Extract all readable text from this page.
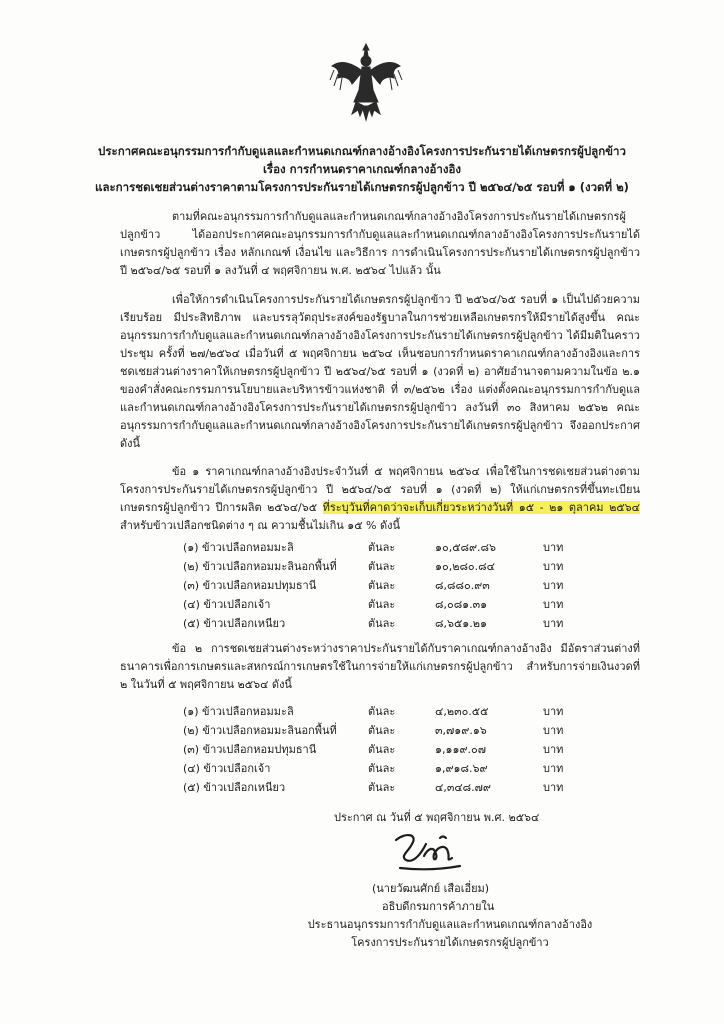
ประกาศคณะอนุกรรมการกำกับดูแลและกำหนดเกณฑ์กลางอ้างอิงโครงการประกันรายได้เกษตรกรผู้ปลูกข้าว
เรื่อง การกำหนดราคาเกณฑ์กลางอ้างอิง
และการชดเชยส่วนต่างราคาตามโครงการประกันรายได้เกษตรกรผู้ปลูกข้าว ปี ๒๕๖๔/๖๕ รอบที่ ๑ (งวดที่ ๒)
ตามที่คณะอนุกรรมการกำกับดูแลและกำหนดเกณฑ์กลางอ้างอิงโครงการประกันรายได้เกษตรกรผู้ปลูกข้าว ได้ออกประกาศคณะอนุกรรมการกำกับดูแลและกำหนดเกณฑ์กลางอ้างอิงโครงการประกันรายได้เกษตรกรผู้ปลูกข้าว เรื่อง หลักเกณฑ์ เงื่อนไข และวิธีการ การดำเนินโครงการประกันรายได้เกษตรกรผู้ปลูกข้าว ปี ๒๕๖๔/๖๕ รอบที่ ๑ ลงวันที่ ๔ พฤศจิกายน พ.ศ. ๒๕๖๔ ไปแล้ว นั้น
เพื่อให้การดำเนินโครงการประกันรายได้เกษตรกรผู้ปลูกข้าว ปี ๒๕๖๔/๖๕ รอบที่ ๑ เป็นไปด้วยความเรียบร้อย มีประสิทธิภาพ และบรรลุวัตถุประสงค์ของรัฐบาลในการช่วยเหลือเกษตรกรให้มีรายได้สูงขึ้น คณะอนุกรรมการกำกับดูแลและกำหนดเกณฑ์กลางอ้างอิงโครงการประกันรายได้เกษตรกรผู้ปลูกข้าว ได้มีมติในคราวประชุม ครั้งที่ ๒๗/๒๕๖๔ เมื่อวันที่ ๕ พฤศจิกายน ๒๕๖๔ เห็นชอบการกำหนดราคาเกณฑ์กลางอ้างอิงและการชดเชยส่วนต่างราคาให้เกษตรกรผู้ปลูกข้าว ปี ๒๕๖๔/๖๕ รอบที่ ๑ (งวดที่ ๒) อาศัยอำนาจตามความในข้อ ๒.๑ ของคำสั่งคณะกรรมการนโยบายและบริหารข้าวแห่งชาติ ที่ ๓/๒๕๖๒ เรื่อง แต่งตั้งคณะอนุกรรมการกำกับดูแลและกำหนดเกณฑ์กลางอ้างอิงโครงการประกันรายได้เกษตรกรผู้ปลูกข้าว ลงวันที่ ๓๐ สิงหาคม ๒๕๖๒ คณะอนุกรรมการกำกับดูแลและกำหนดเกณฑ์กลางอ้างอิงโครงการประกันรายได้เกษตรกรผู้ปลูกข้าว จึงออกประกาศ ดังนี้
ข้อ ๑ ราคาเกณฑ์กลางอ้างอิงประจำวันที่ ๕ พฤศจิกายน ๒๕๖๔ เพื่อใช้ในการชดเชยส่วนต่างตามโครงการประกันรายได้เกษตรกรผู้ปลูกข้าว ปี ๒๕๖๔/๖๕ รอบที่ ๑ (งวดที่ ๒) ให้แก่เกษตรกรที่ขึ้นทะเบียนเกษตรกรผู้ปลูกข้าว ปีการผลิต ๒๕๖๔/๖๕ ที่ระบุวันที่คาดว่าจะเก็บเกี่ยวระหว่างวันที่ ๑๕ - ๒๑ ตุลาคม ๒๕๖๔ สำหรับข้าวเปลือกชนิดต่าง ๆ ณ ความชื้นไม่เกิน ๑๕ % ดังนี้
(๑) ข้าวเปลือกหอมมะลิ	ตันละ	๑๐,๕๘๙.๘๖	บาท
(๒) ข้าวเปลือกหอมมะลินอกพื้นที่	ตันละ	๑๐,๒๘๐.๘๔	บาท
(๓) ข้าวเปลือกหอมปทุมธานี	ตันละ	๘,๘๘๐.๙๓	บาท
(๔) ข้าวเปลือกเจ้า	ตันละ	๘,๐๘๑.๓๑	บาท
(๕) ข้าวเปลือกเหนียว	ตันละ	๘,๖๕๑.๒๑	บาท
ข้อ ๒ การชดเชยส่วนต่างระหว่างราคาประกันรายได้กับราคาเกณฑ์กลางอ้างอิง มีอัตราส่วนต่างที่ธนาคารเพื่อการเกษตรและสหกรณ์การเกษตรใช้ในการจ่ายให้แก่เกษตรกรผู้ปลูกข้าว สำหรับการจ่ายเงินงวดที่ ๒ ในวันที่ ๕ พฤศจิกายน ๒๕๖๔ ดังนี้
(๑) ข้าวเปลือกหอมมะลิ	ตันละ	๔,๒๓๐.๕๕	บาท
(๒) ข้าวเปลือกหอมมะลินอกพื้นที่	ตันละ	๓,๗๑๙.๑๖	บาท
(๓) ข้าวเปลือกหอมปทุมธานี	ตันละ	๑,๑๑๙.๐๗	บาท
(๔) ข้าวเปลือกเจ้า	ตันละ	๑,๙๑๘.๖๙	บาท
(๕) ข้าวเปลือกเหนียว	ตันละ	๔,๓๔๘.๗๙	บาท
ประกาศ ณ วันที่ ๕ พฤศจิกายน พ.ศ. ๒๕๖๔
(นายวัฒนศักย์ เสือเอี่ยม)
อธิบดีกรมการค้าภายใน
ประธานอนุกรรมการกำกับดูแลและกำหนดเกณฑ์กลางอ้างอิง
โครงการประกันรายได้เกษตรกรผู้ปลูกข้าว
